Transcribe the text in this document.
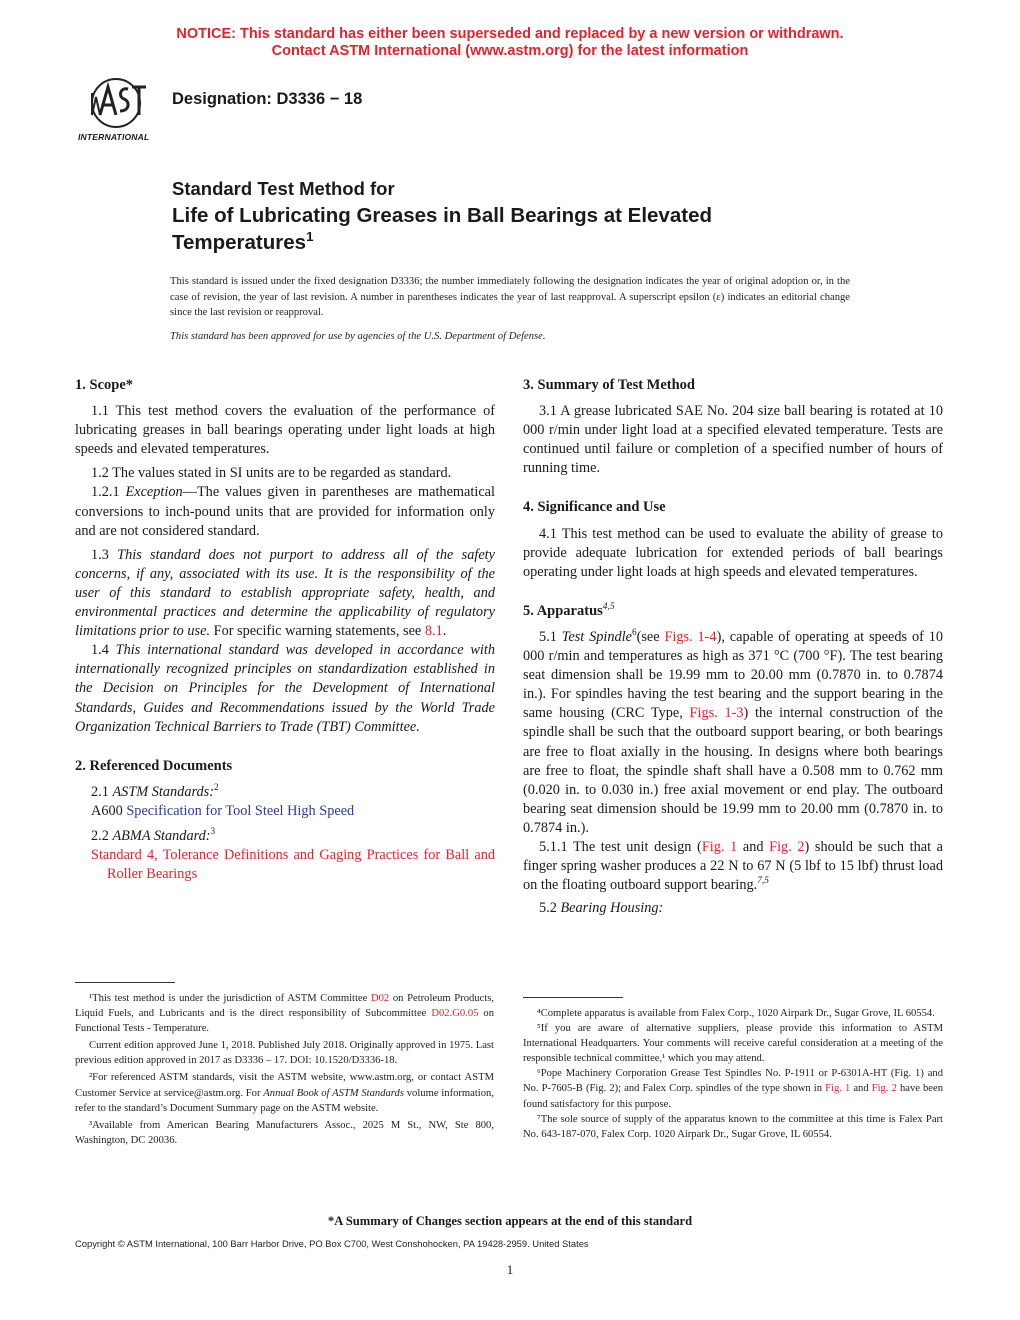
NOTICE: This standard has either been superseded and replaced by a new version or withdrawn.
Contact ASTM International (www.astm.org) for the latest information
INTERNATIONAL
Designation: D3336 − 18
Standard Test Method for
Life of Lubricating Greases in Ball Bearings at Elevated
Temperatures$^1$
This standard is issued under the fixed designation D3336; the number immediately following the designation indicates the year of original adoption or, in the case of revision, the year of last revision. A number in parentheses indicates the year of last reapproval. A superscript epsilon (ε) indicates an editorial change since the last revision or reapproval.
This standard has been approved for use by agencies of the U.S. Department of Defense.
1. Scope*

1.1 This test method covers the evaluation of the performance of lubricating greases in ball bearings operating under light loads at high speeds and elevated temperatures.

1.2 The values stated in SI units are to be regarded as standard.

1.2.1 Exception—The values given in parentheses are mathematical conversions to inch-pound units that are provided for information only and are not considered standard.

1.3 This standard does not purport to address all of the safety concerns, if any, associated with its use. It is the responsibility of the user of this standard to establish appropriate safety, health, and environmental practices and determine the applicability of regulatory limitations prior to use. For specific warning statements, see 8.1.

1.4 This international standard was developed in accordance with internationally recognized principles on standardization established in the Decision on Principles for the Development of International Standards, Guides and Recommendations issued by the World Trade Organization Technical Barriers to Trade (TBT) Committee.

2. Referenced Documents

2.1 ASTM Standards:$^2$

A600 Specification for Tool Steel High Speed

2.2 ABMA Standard:$^3$

Standard 4, Tolerance Definitions and Gaging Practices for Ball and Roller Bearings

3. Summary of Test Method

3.1 A grease lubricated SAE No. 204 size ball bearing is rotated at 10 000 r/min under light load at a specified elevated temperature. Tests are continued until failure or completion of a specified number of hours of running time.

4. Significance and Use

4.1 This test method can be used to evaluate the ability of grease to provide adequate lubrication for extended periods of ball bearings operating under light loads at high speeds and elevated temperatures.

5. Apparatus$^{4,5}$

5.1 Test Spindle$^6$(see Figs. 1-4), capable of operating at speeds of 10 000 r/min and temperatures as high as 371 °C (700 °F). The test bearing seat dimension shall be 19.99 mm to 20.00 mm (0.7870 in. to 0.7874 in.). For spindles having the test bearing and the support bearing in the same housing (CRC Type, Figs. 1-3) the internal construction of the spindle shall be such that the outboard support bearing, or both bearings are free to float axially in the housing. In designs where both bearings are free to float, the spindle shaft shall have a 0.508 mm to 0.762 mm (0.020 in. to 0.030 in.) free axial movement or end play. The outboard bearing seat dimension should be 19.99 mm to 20.00 mm (0.7870 in. to 0.7874 in.).

5.1.1 The test unit design (Fig. 1 and Fig. 2) should be such that a finger spring washer produces a 22 N to 67 N (5 lbf to 15 lbf) thrust load on the floating outboard support bearing.$^{7,5}$

5.2 Bearing Housing:

¹This test method is under the jurisdiction of ASTM Committee D02 on Petroleum Products, Liquid Fuels, and Lubricants and is the direct responsibility of Subcommittee D02.G0.05 on Functional Tests - Temperature.

Current edition approved June 1, 2018. Published July 2018. Originally approved in 1975. Last previous edition approved in 2017 as D3336 – 17. DOI: 10.1520/D3336-18.

²For referenced ASTM standards, visit the ASTM website, www.astm.org, or contact ASTM Customer Service at service@astm.org. For Annual Book of ASTM Standards volume information, refer to the standard’s Document Summary page on the ASTM website.

³Available from American Bearing Manufacturers Assoc., 2025 M St., NW, Ste 800, Washington, DC 20036.

⁴Complete apparatus is available from Falex Corp., 1020 Airpark Dr., Sugar Grove, IL 60554.

⁵If you are aware of alternative suppliers, please provide this information to ASTM International Headquarters. Your comments will receive careful consideration at a meeting of the responsible technical committee,¹ which you may attend.

⁶Pope Machinery Corporation Grease Test Spindles No. P-1911 or P-6301A-HT (Fig. 1) and No. P-7605-B (Fig. 2); and Falex Corp. spindles of the type shown in Fig. 1 and Fig. 2 have been found satisfactory for this purpose.

⁷The sole source of supply of the apparatus known to the committee at this time is Falex Part No. 643-187-070, Falex Corp. 1020 Airpark Dr., Sugar Grove, IL 60554.

*A Summary of Changes section appears at the end of this standard
Copyright © ASTM International, 100 Barr Harbor Drive, PO Box C700, West Conshohocken, PA 19428-2959. United States
1
